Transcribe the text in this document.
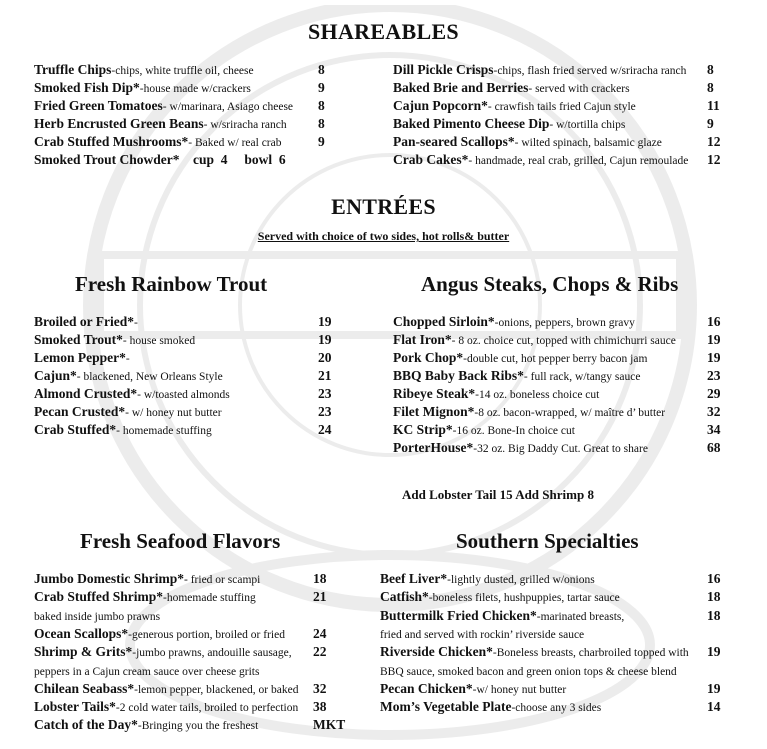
SHAREABLES
Truffle Chips-chips, white truffle oil, cheese	8
Smoked Fish Dip*-house made w/crackers	9
Fried Green Tomatoes- w/marinara, Asiago cheese 8
Herb Encrusted Green Beans- w/sriracha ranch 8
Crab Stuffed Mushrooms*- Baked w/ real crab	9
Smoked Trout Chowder*    cup  4     bowl  6
Dill Pickle Crisps-chips, flash fried served w/sriracha ranch 8
Baked Brie and Berries- served with crackers	8
Cajun Popcorn*- crawfish tails fried Cajun style	11
Baked Pimento Cheese Dip- w/tortilla chips	9
Pan-seared Scallops*- wilted spinach, balsamic glaze	12
Crab Cakes*- handmade, real crab, grilled, Cajun remoulade 12
ENTRÉES
Served with choice of two sides, hot rolls& butter
Fresh Rainbow Trout	Angus Steaks, Chops & Ribs
Broiled or Fried*-	19
Smoked Trout*- house smoked	19
Lemon Pepper*-	20
Cajun*- blackened, New Orleans Style	21
Almond Crusted*- w/toasted almonds	23
Pecan Crusted*- w/ honey nut butter	23
Crab Stuffed*- homemade stuffing	24
Chopped Sirloin*-onions, peppers, brown gravy	16
Flat Iron*- 8 oz. choice cut, topped with chimichurri sauce 19
Pork Chop*-double cut, hot pepper berry bacon jam	19
BBQ Baby Back Ribs*- full rack, w/tangy sauce	23
Ribeye Steak*-14 oz. boneless choice cut	29
Filet Mignon*-8 oz. bacon-wrapped, w/ maître d’ butter	32
KC Strip*-16 oz. Bone-In choice cut	34
PorterHouse*-32 oz. Big Daddy Cut. Great to share	68
Add Lobster Tail 15 Add Shrimp 8
Fresh Seafood Flavors	Southern Specialties
Jumbo Domestic Shrimp*- fried or scampi	18
Crab Stuffed Shrimp*-homemade stuffing	21
baked inside jumbo prawns
Ocean Scallops*-generous portion, broiled or fried 24
Shrimp & Grits*-jumbo prawns, andouille sausage, 22
peppers in a Cajun cream sauce over cheese grits
Chilean Seabass*-lemon pepper, blackened, or baked 32
Lobster Tails*-2 cold water tails, broiled to perfection 38
Catch of the Day*-Bringing you the freshest	MKT
Beef Liver*-lightly dusted, grilled w/onions	16
Catfish*-boneless filets, hushpuppies, tartar sauce	18
Buttermilk Fried Chicken*-marinated breasts,	18
fried and served with rockin’ riverside sauce
Riverside Chicken*-Boneless breasts, charbroiled topped with 19
BBQ sauce, smoked bacon and green onion tops & cheese blend
Pecan Chicken*-w/ honey nut butter	19
Mom’s Vegetable Plate-choose any 3 sides	14
